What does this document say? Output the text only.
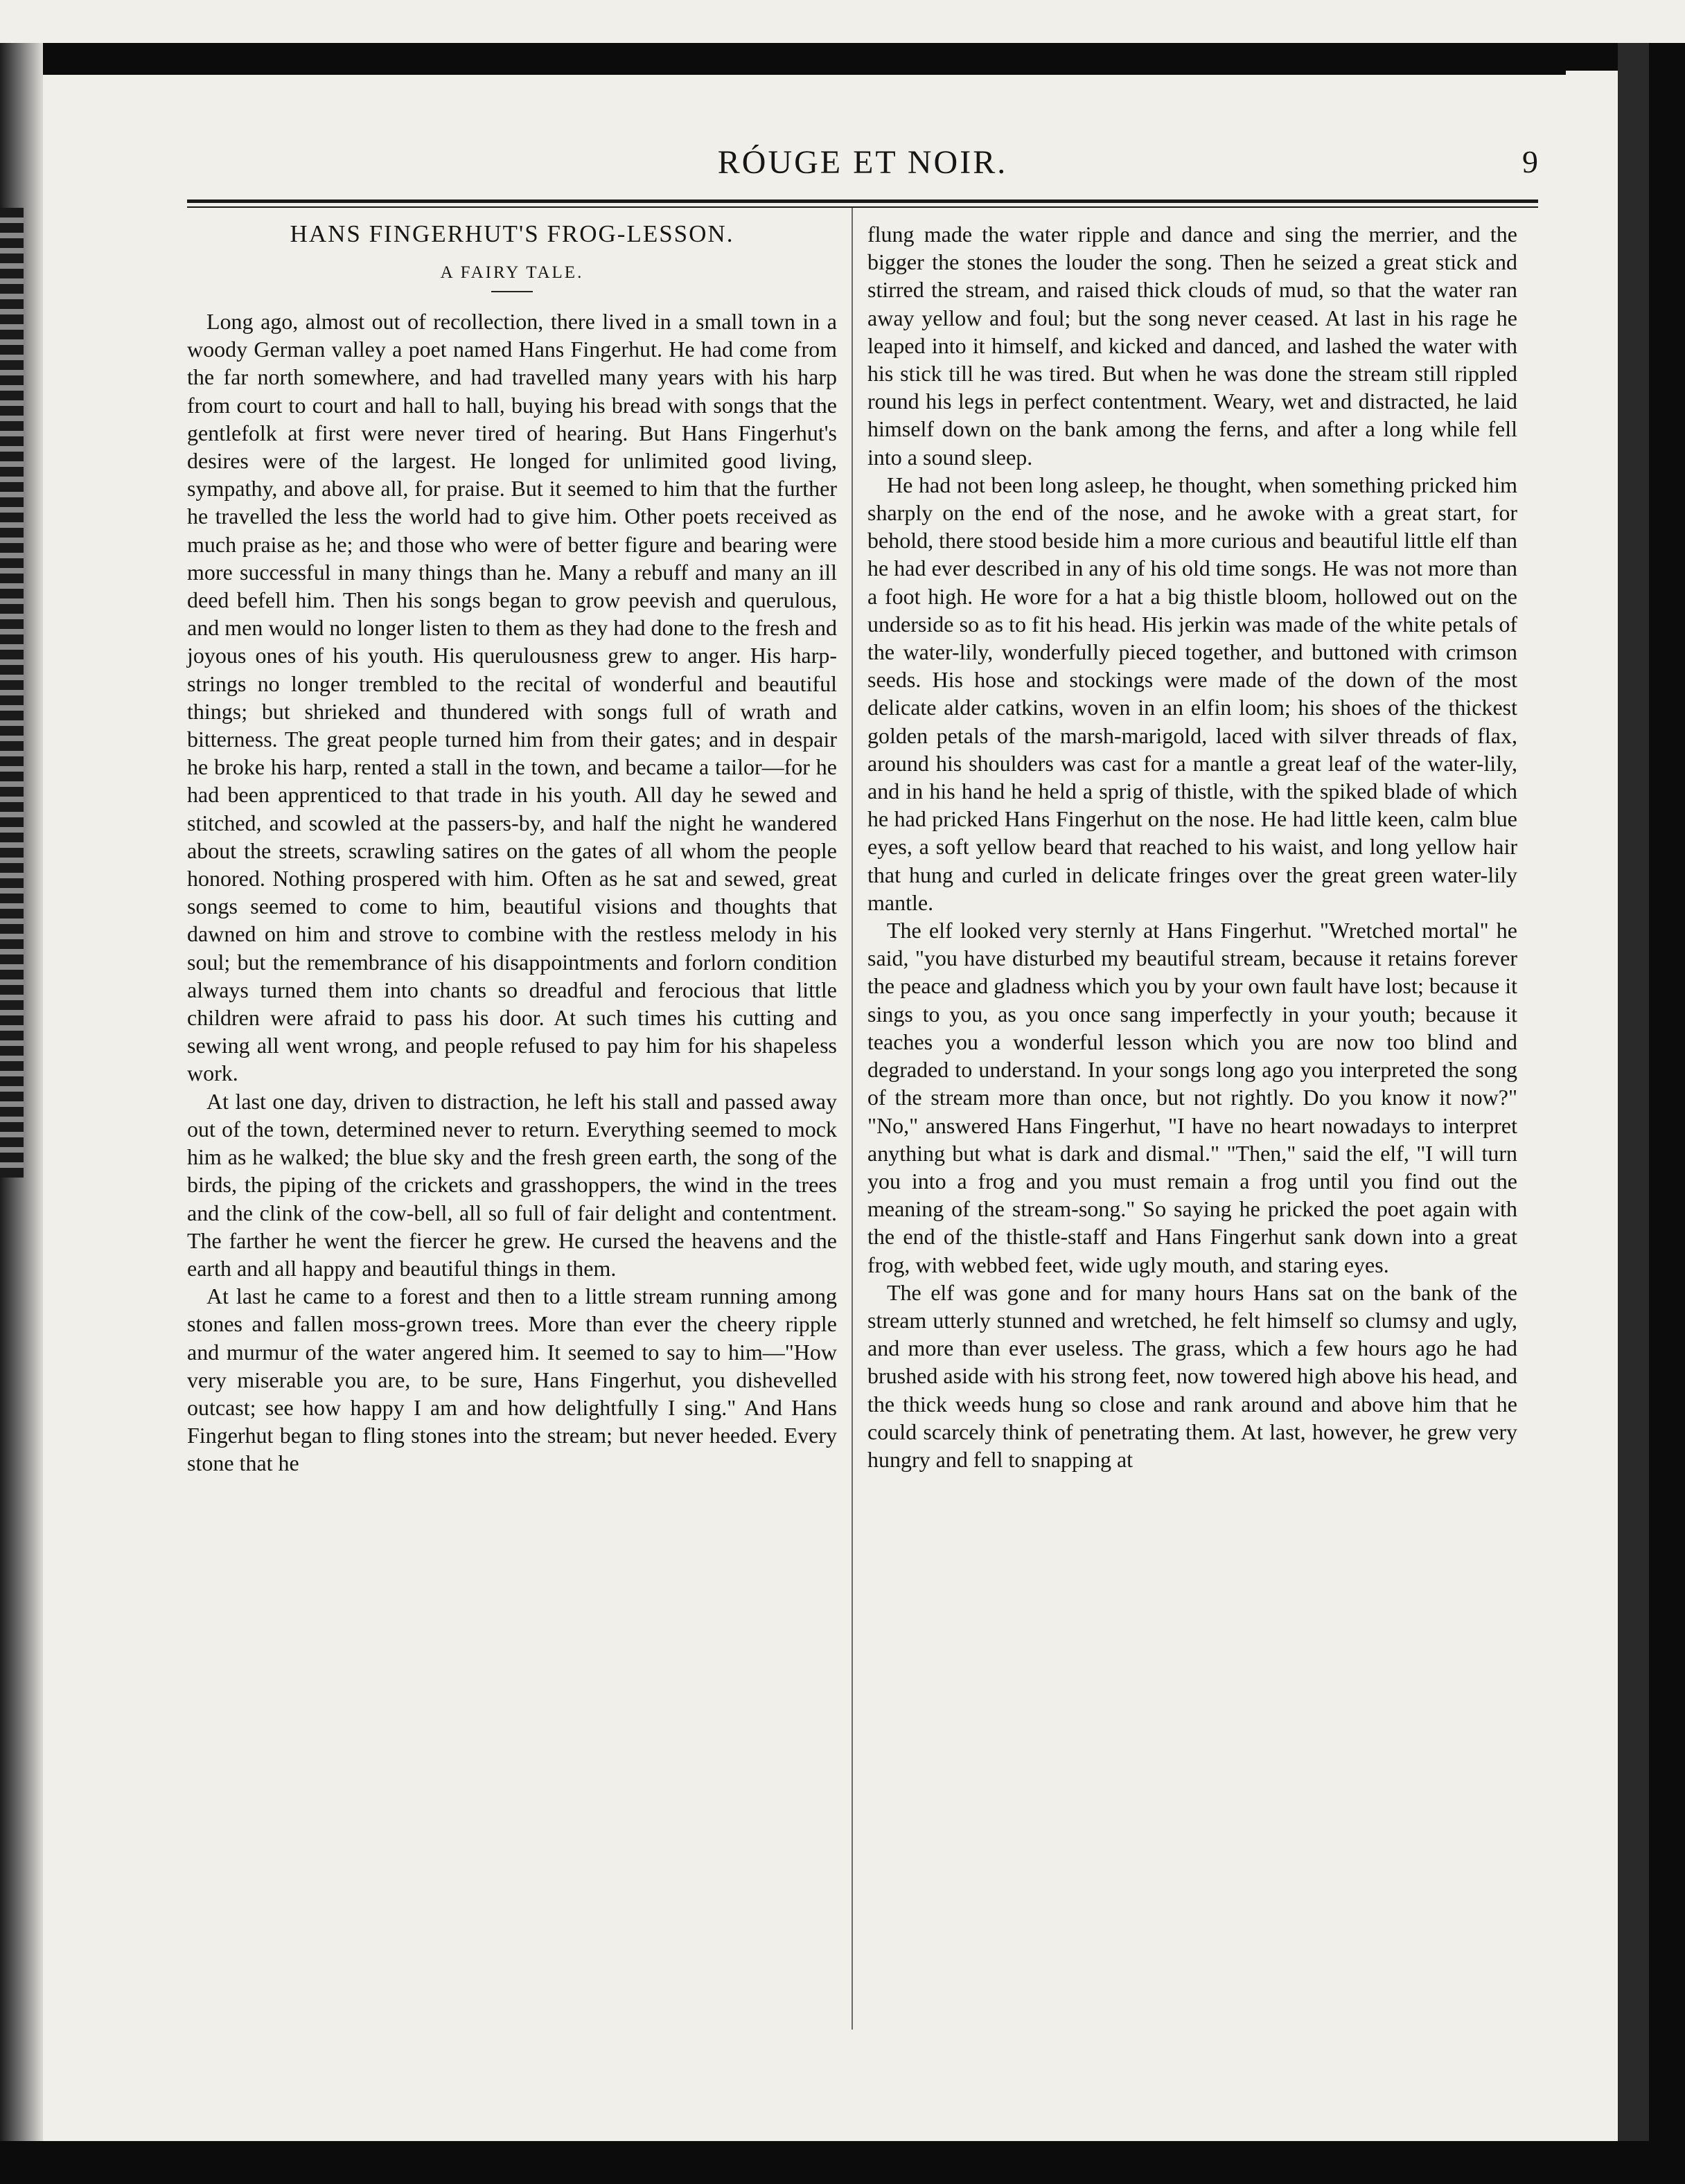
RÓUGE ET NOIR.	9
HANS FINGERHUT'S FROG-LESSON.
A FAIRY TALE.

Long ago, almost out of recollection, there lived in a small town in a woody German valley a poet named Hans Fingerhut. He had come from the far north somewhere, and had travelled many years with his harp from court to court and hall to hall, buying his bread with songs that the gentlefolk at first were never tired of hearing. But Hans Fingerhut's desires were of the largest. He longed for unlimited good living, sympathy, and above all, for praise. But it seemed to him that the further he travelled the less the world had to give him. Other poets received as much praise as he; and those who were of better figure and bearing were more successful in many things than he. Many a rebuff and many an ill deed befell him. Then his songs began to grow peevish and querulous, and men would no longer listen to them as they had done to the fresh and joyous ones of his youth. His querulousness grew to anger. His harp-strings no longer trembled to the recital of wonderful and beautiful things; but shrieked and thundered with songs full of wrath and bitterness. The great people turned him from their gates; and in despair he broke his harp, rented a stall in the town, and became a tailor—for he had been apprenticed to that trade in his youth. All day he sewed and stitched, and scowled at the passers-by, and half the night he wandered about the streets, scrawling satires on the gates of all whom the people honored. Nothing prospered with him. Often as he sat and sewed, great songs seemed to come to him, beautiful visions and thoughts that dawned on him and strove to combine with the restless melody in his soul; but the remembrance of his disappointments and forlorn condition always turned them into chants so dreadful and ferocious that little children were afraid to pass his door. At such times his cutting and sewing all went wrong, and people refused to pay him for his shapeless work.

At last one day, driven to distraction, he left his stall and passed away out of the town, determined never to return. Everything seemed to mock him as he walked; the blue sky and the fresh green earth, the song of the birds, the piping of the crickets and grasshoppers, the wind in the trees and the clink of the cow-bell, all so full of fair delight and contentment. The farther he went the fiercer he grew. He cursed the heavens and the earth and all happy and beautiful things in them.

At last he came to a forest and then to a little stream running among stones and fallen moss-grown trees. More than ever the cheery ripple and murmur of the water angered him. It seemed to say to him—"How very miserable you are, to be sure, Hans Fingerhut, you dishevelled outcast; see how happy I am and how delightfully I sing." And Hans Fingerhut began to fling stones into the stream; but never heeded. Every stone that he

flung made the water ripple and dance and sing the merrier, and the bigger the stones the louder the song. Then he seized a great stick and stirred the stream, and raised thick clouds of mud, so that the water ran away yellow and foul; but the song never ceased. At last in his rage he leaped into it himself, and kicked and danced, and lashed the water with his stick till he was tired. But when he was done the stream still rippled round his legs in perfect contentment. Weary, wet and distracted, he laid himself down on the bank among the ferns, and after a long while fell into a sound sleep.

He had not been long asleep, he thought, when something pricked him sharply on the end of the nose, and he awoke with a great start, for behold, there stood beside him a more curious and beautiful little elf than he had ever described in any of his old time songs. He was not more than a foot high. He wore for a hat a big thistle bloom, hollowed out on the underside so as to fit his head. His jerkin was made of the white petals of the water-lily, wonderfully pieced together, and buttoned with crimson seeds. His hose and stockings were made of the down of the most delicate alder catkins, woven in an elfin loom; his shoes of the thickest golden petals of the marsh-marigold, laced with silver threads of flax, around his shoulders was cast for a mantle a great leaf of the water-lily, and in his hand he held a sprig of thistle, with the spiked blade of which he had pricked Hans Fingerhut on the nose. He had little keen, calm blue eyes, a soft yellow beard that reached to his waist, and long yellow hair that hung and curled in delicate fringes over the great green water-lily mantle.

The elf looked very sternly at Hans Fingerhut. "Wretched mortal" he said, "you have disturbed my beautiful stream, because it retains forever the peace and gladness which you by your own fault have lost; because it sings to you, as you once sang imperfectly in your youth; because it teaches you a wonderful lesson which you are now too blind and degraded to understand. In your songs long ago you interpreted the song of the stream more than once, but not rightly. Do you know it now?" "No," answered Hans Fingerhut, "I have no heart nowadays to interpret anything but what is dark and dismal." "Then," said the elf, "I will turn you into a frog and you must remain a frog until you find out the meaning of the stream-song." So saying he pricked the poet again with the end of the thistle-staff and Hans Fingerhut sank down into a great frog, with webbed feet, wide ugly mouth, and staring eyes.

The elf was gone and for many hours Hans sat on the bank of the stream utterly stunned and wretched, he felt himself so clumsy and ugly, and more than ever useless. The grass, which a few hours ago he had brushed aside with his strong feet, now towered high above his head, and the thick weeds hung so close and rank around and above him that he could scarcely think of penetrating them. At last, however, he grew very hungry and fell to snapping at
